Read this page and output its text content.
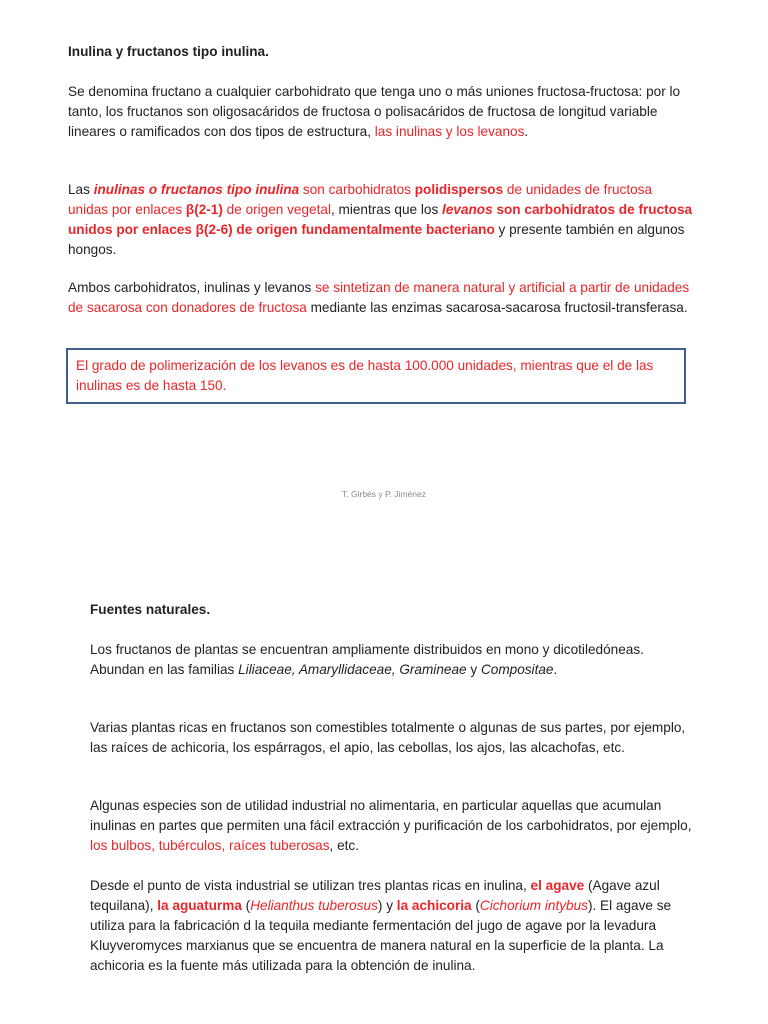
Inulina y fructanos tipo inulina.

Se denomina fructano a cualquier carbohidrato que tenga uno o más uniones fructosa-fructosa: por lo tanto, los fructanos son oligosacáridos de fructosa o polisacáridos de fructosa de longitud variable lineares o ramificados con dos tipos de estructura, las inulinas y los levanos.

Las inulinas o fructanos tipo inulina son carbohidratos polidispersos de unidades de fructosa unidas por enlaces β(2-1) de origen vegetal, mientras que los levanos son carbohidratos de fructosa unidos por enlaces β(2-6) de origen fundamentalmente bacteriano y presente también en algunos hongos.

Ambos carbohidratos, inulinas y levanos se sintetizan de manera natural y artificial a partir de unidades de sacarosa con donadores de fructosa mediante las enzimas sacarosa-sacarosa fructosil-transferasa.

El grado de polimerización de los levanos es de hasta 100.000 unidades, mientras que el de las inulinas es de hasta 150.
T. Girbés y P. Jiménez
Fuentes naturales.

Los fructanos de plantas se encuentran ampliamente distribuidos en mono y dicotiledóneas. Abundan en las familias Liliaceae, Amaryllidaceae, Gramineae y Compositae.

Varias plantas ricas en fructanos son comestibles totalmente o algunas de sus partes, por ejemplo, las raíces de achicoria, los espárragos, el apio, las cebollas, los ajos, las alcachofas, etc.

Algunas especies son de utilidad industrial no alimentaria, en particular aquellas que acumulan inulinas en partes que permiten una fácil extracción y purificación de los carbohidratos, por ejemplo, los bulbos, tubérculos, raíces tuberosas, etc.

Desde el punto de vista industrial se utilizan tres plantas ricas en inulina, el agave (Agave azul tequilana), la aguaturma (Helianthus tuberosus) y la achicoria (Cichorium intybus). El agave se utiliza para la fabricación d la tequila mediante fermentación del jugo de agave por la levadura Kluyveromyces marxianus que se encuentra de manera natural en la superficie de la planta. La achicoria es la fuente más utilizada para la obtención de inulina.
